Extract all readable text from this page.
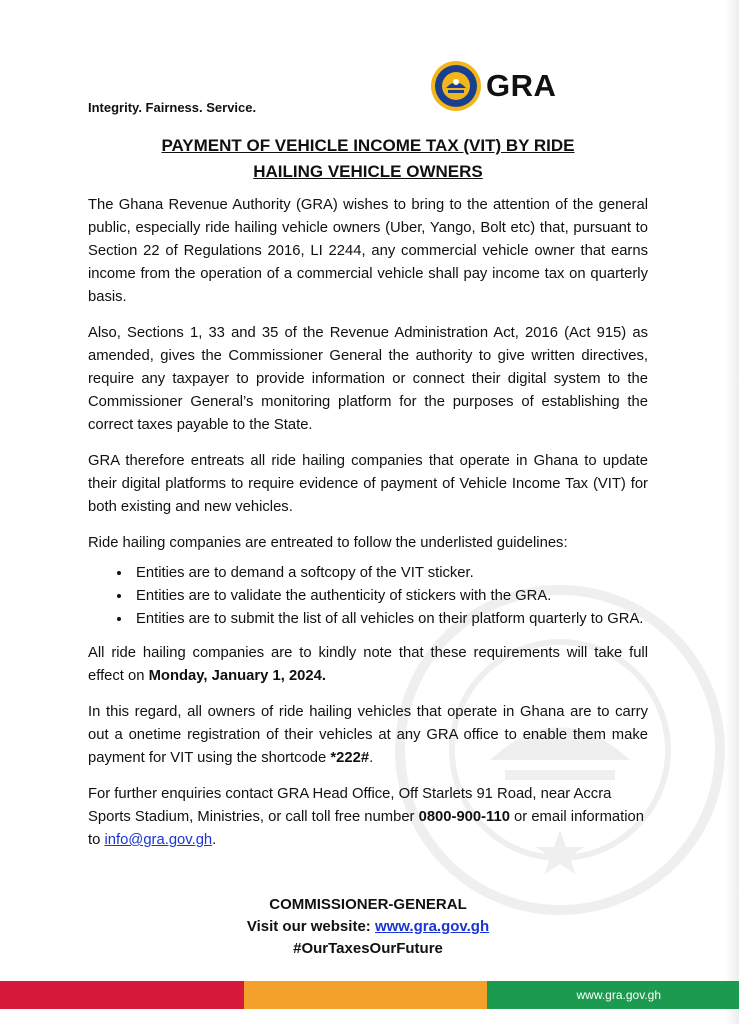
Integrity. Fairness. Service.
GRA
PAYMENT OF VEHICLE INCOME TAX (VIT) BY RIDE
HAILING VEHICLE OWNERS

The Ghana Revenue Authority (GRA) wishes to bring to the attention of the general public, especially ride hailing vehicle owners (Uber, Yango, Bolt etc) that, pursuant to Section 22 of Regulations 2016, LI 2244, any commercial vehicle owner that earns income from the operation of a commercial vehicle shall pay income tax on quarterly basis.

Also, Sections 1, 33 and 35 of the Revenue Administration Act, 2016 (Act 915) as amended, gives the Commissioner General the authority to give written directives, require any taxpayer to provide information or connect their digital system to the Commissioner General’s monitoring platform for the purposes of establishing the correct taxes payable to the State.

GRA therefore entreats all ride hailing companies that operate in Ghana to update their digital platforms to require evidence of payment of Vehicle Income Tax (VIT) for both existing and new vehicles.

Ride hailing companies are entreated to follow the underlisted guidelines:

• Entities are to demand a softcopy of the VIT sticker.
• Entities are to validate the authenticity of stickers with the GRA.
• Entities are to submit the list of all vehicles on their platform quarterly to GRA.

All ride hailing companies are to kindly note that these requirements will take full effect on Monday, January 1, 2024.

In this regard, all owners of ride hailing vehicles that operate in Ghana are to carry out a onetime registration of their vehicles at any GRA office to enable them make payment for VIT using the shortcode *222#.

For further enquiries contact GRA Head Office, Off Starlets 91 Road, near Accra Sports Stadium, Ministries, or call toll free number 0800-900-110 or email information to info@gra.gov.gh.

COMMISSIONER-GENERAL
Visit our website: www.gra.gov.gh
#OurTaxesOurFuture
www.gra.gov.gh
